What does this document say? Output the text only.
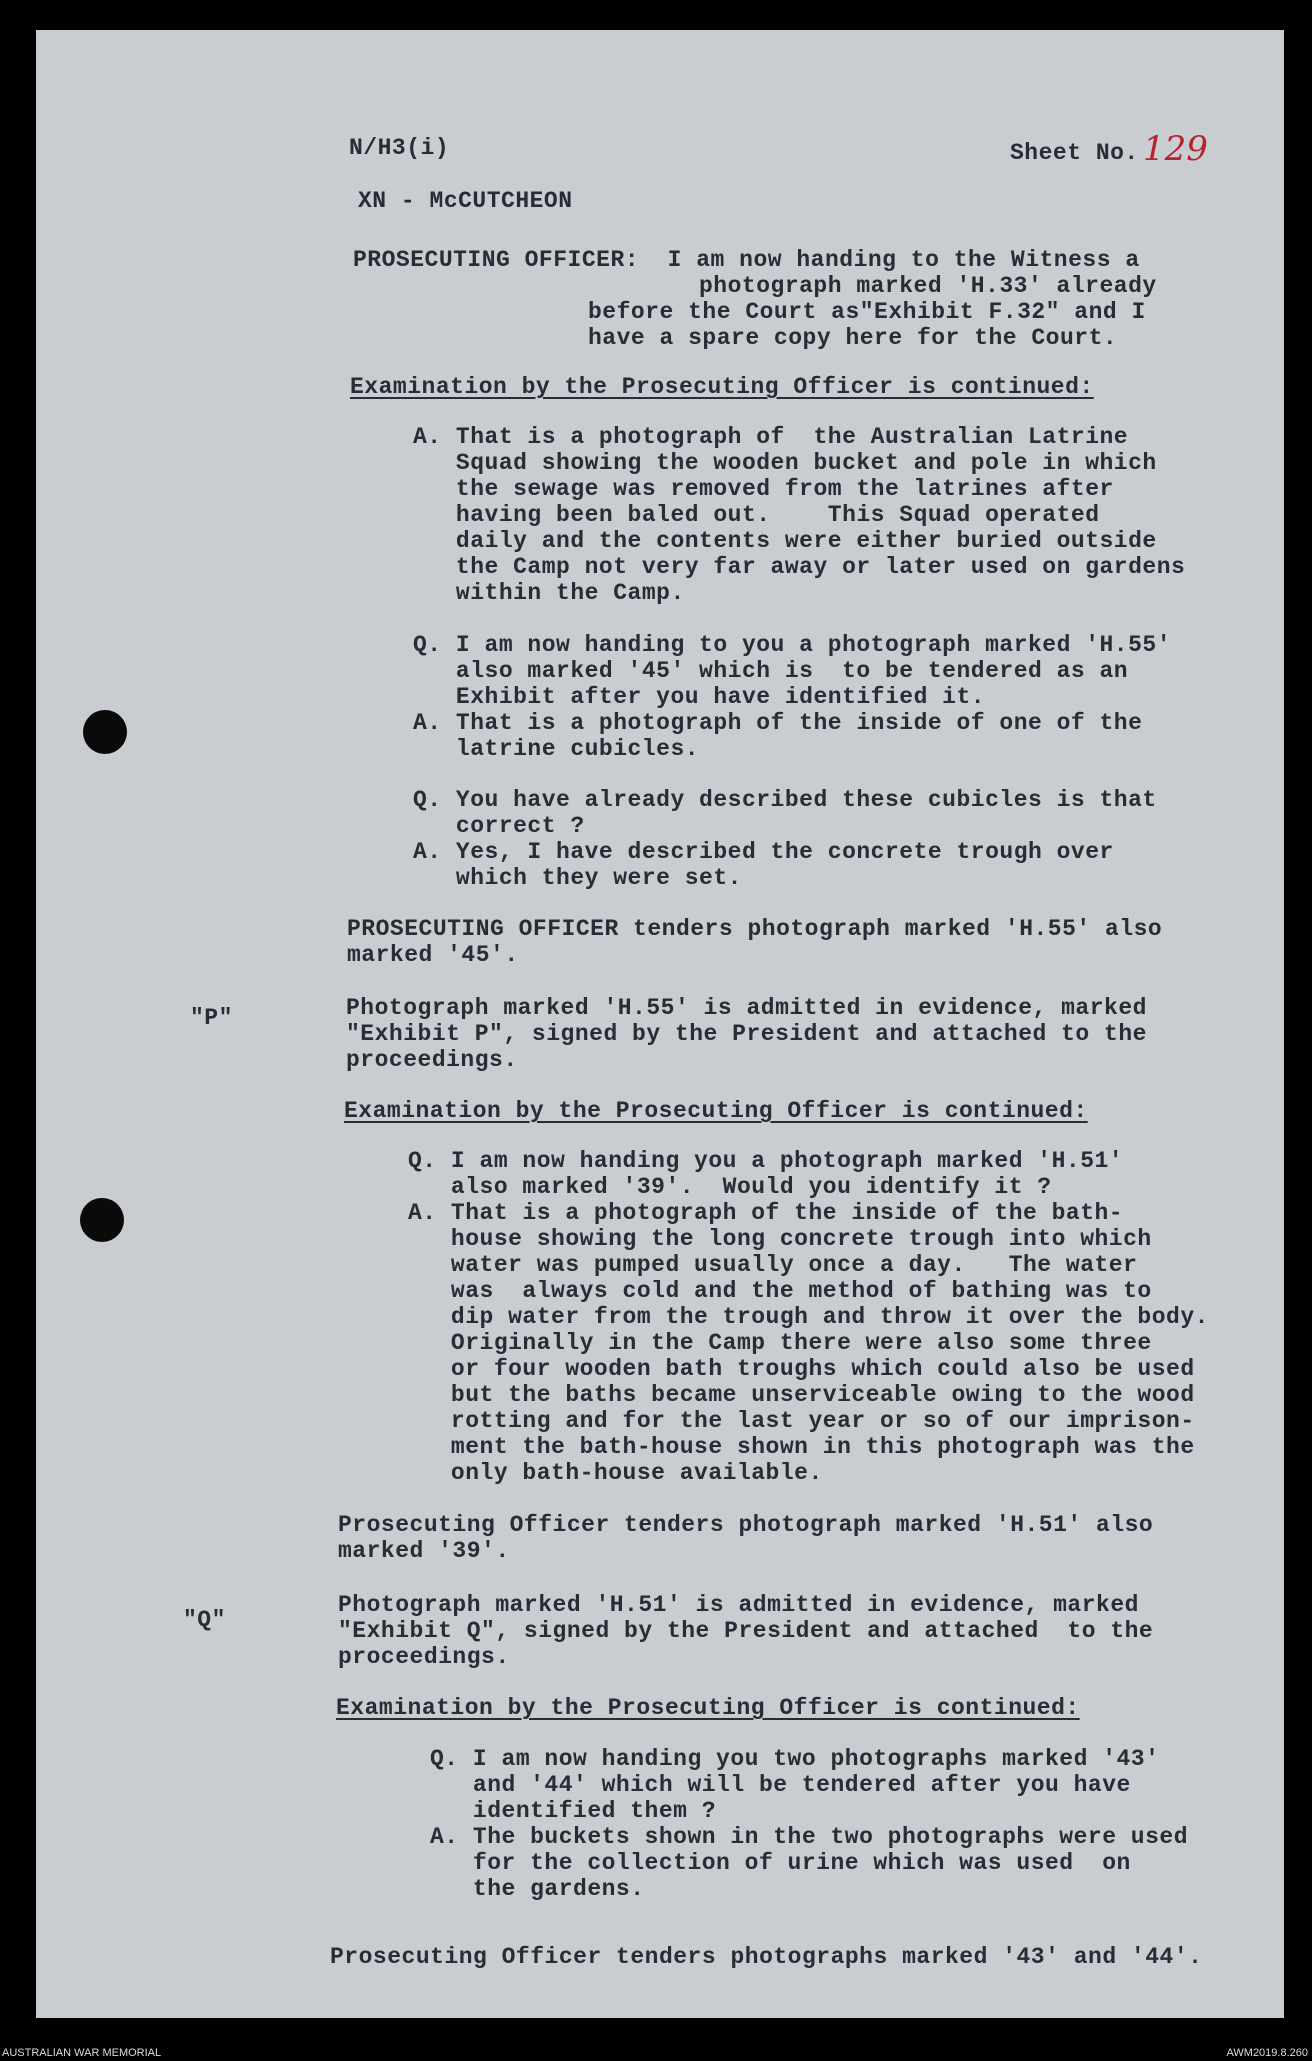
N/H3(i)	Sheet No. 129
XN - McCUTCHEON
PROSECUTING OFFICER:  I am now handing to the Witness a
photograph marked 'H.33' already
before the Court as"Exhibit F.32" and I
have a spare copy here for the Court.
Examination by the Prosecuting Officer is continued:
A. That is a photograph of  the Australian Latrine
Squad showing the wooden bucket and pole in which
the sewage was removed from the latrines after
having been baled out.    This Squad operated
daily and the contents were either buried outside
the Camp not very far away or later used on gardens
within the Camp.
Q. I am now handing to you a photograph marked 'H.55'
also marked '45' which is  to be tendered as an
Exhibit after you have identified it.
A. That is a photograph of the inside of one of the
latrine cubicles.
Q. You have already described these cubicles is that
correct ?
A. Yes, I have described the concrete trough over
which they were set.
PROSECUTING OFFICER tenders photograph marked 'H.55' also
marked '45'.
"P"	Photograph marked 'H.55' is admitted in evidence, marked
"Exhibit P", signed by the President and attached to the
proceedings.
Examination by the Prosecuting Officer is continued:
Q. I am now handing you a photograph marked 'H.51'
also marked '39'.  Would you identify it ?
A. That is a photograph of the inside of the bath-
house showing the long concrete trough into which
water was pumped usually once a day.   The water
was  always cold and the method of bathing was to
dip water from the trough and throw it over the body.
Originally in the Camp there were also some three
or four wooden bath troughs which could also be used
but the baths became unserviceable owing to the wood
rotting and for the last year or so of our imprison-
ment the bath-house shown in this photograph was the
only bath-house available.
Prosecuting Officer tenders photograph marked 'H.51' also
marked '39'.
"Q"
Photograph marked 'H.51' is admitted in evidence, marked
"Exhibit Q", signed by the President and attached  to the
proceedings.
Examination by the Prosecuting Officer is continued:
Q. I am now handing you two photographs marked '43'
and '44' which will be tendered after you have
identified them ?
A. The buckets shown in the two photographs were used
for the collection of urine which was used  on
the gardens.
Prosecuting Officer tenders photographs marked '43' and '44'.
AUSTRALIAN WAR MEMORIAL	AWM2019.8.260
